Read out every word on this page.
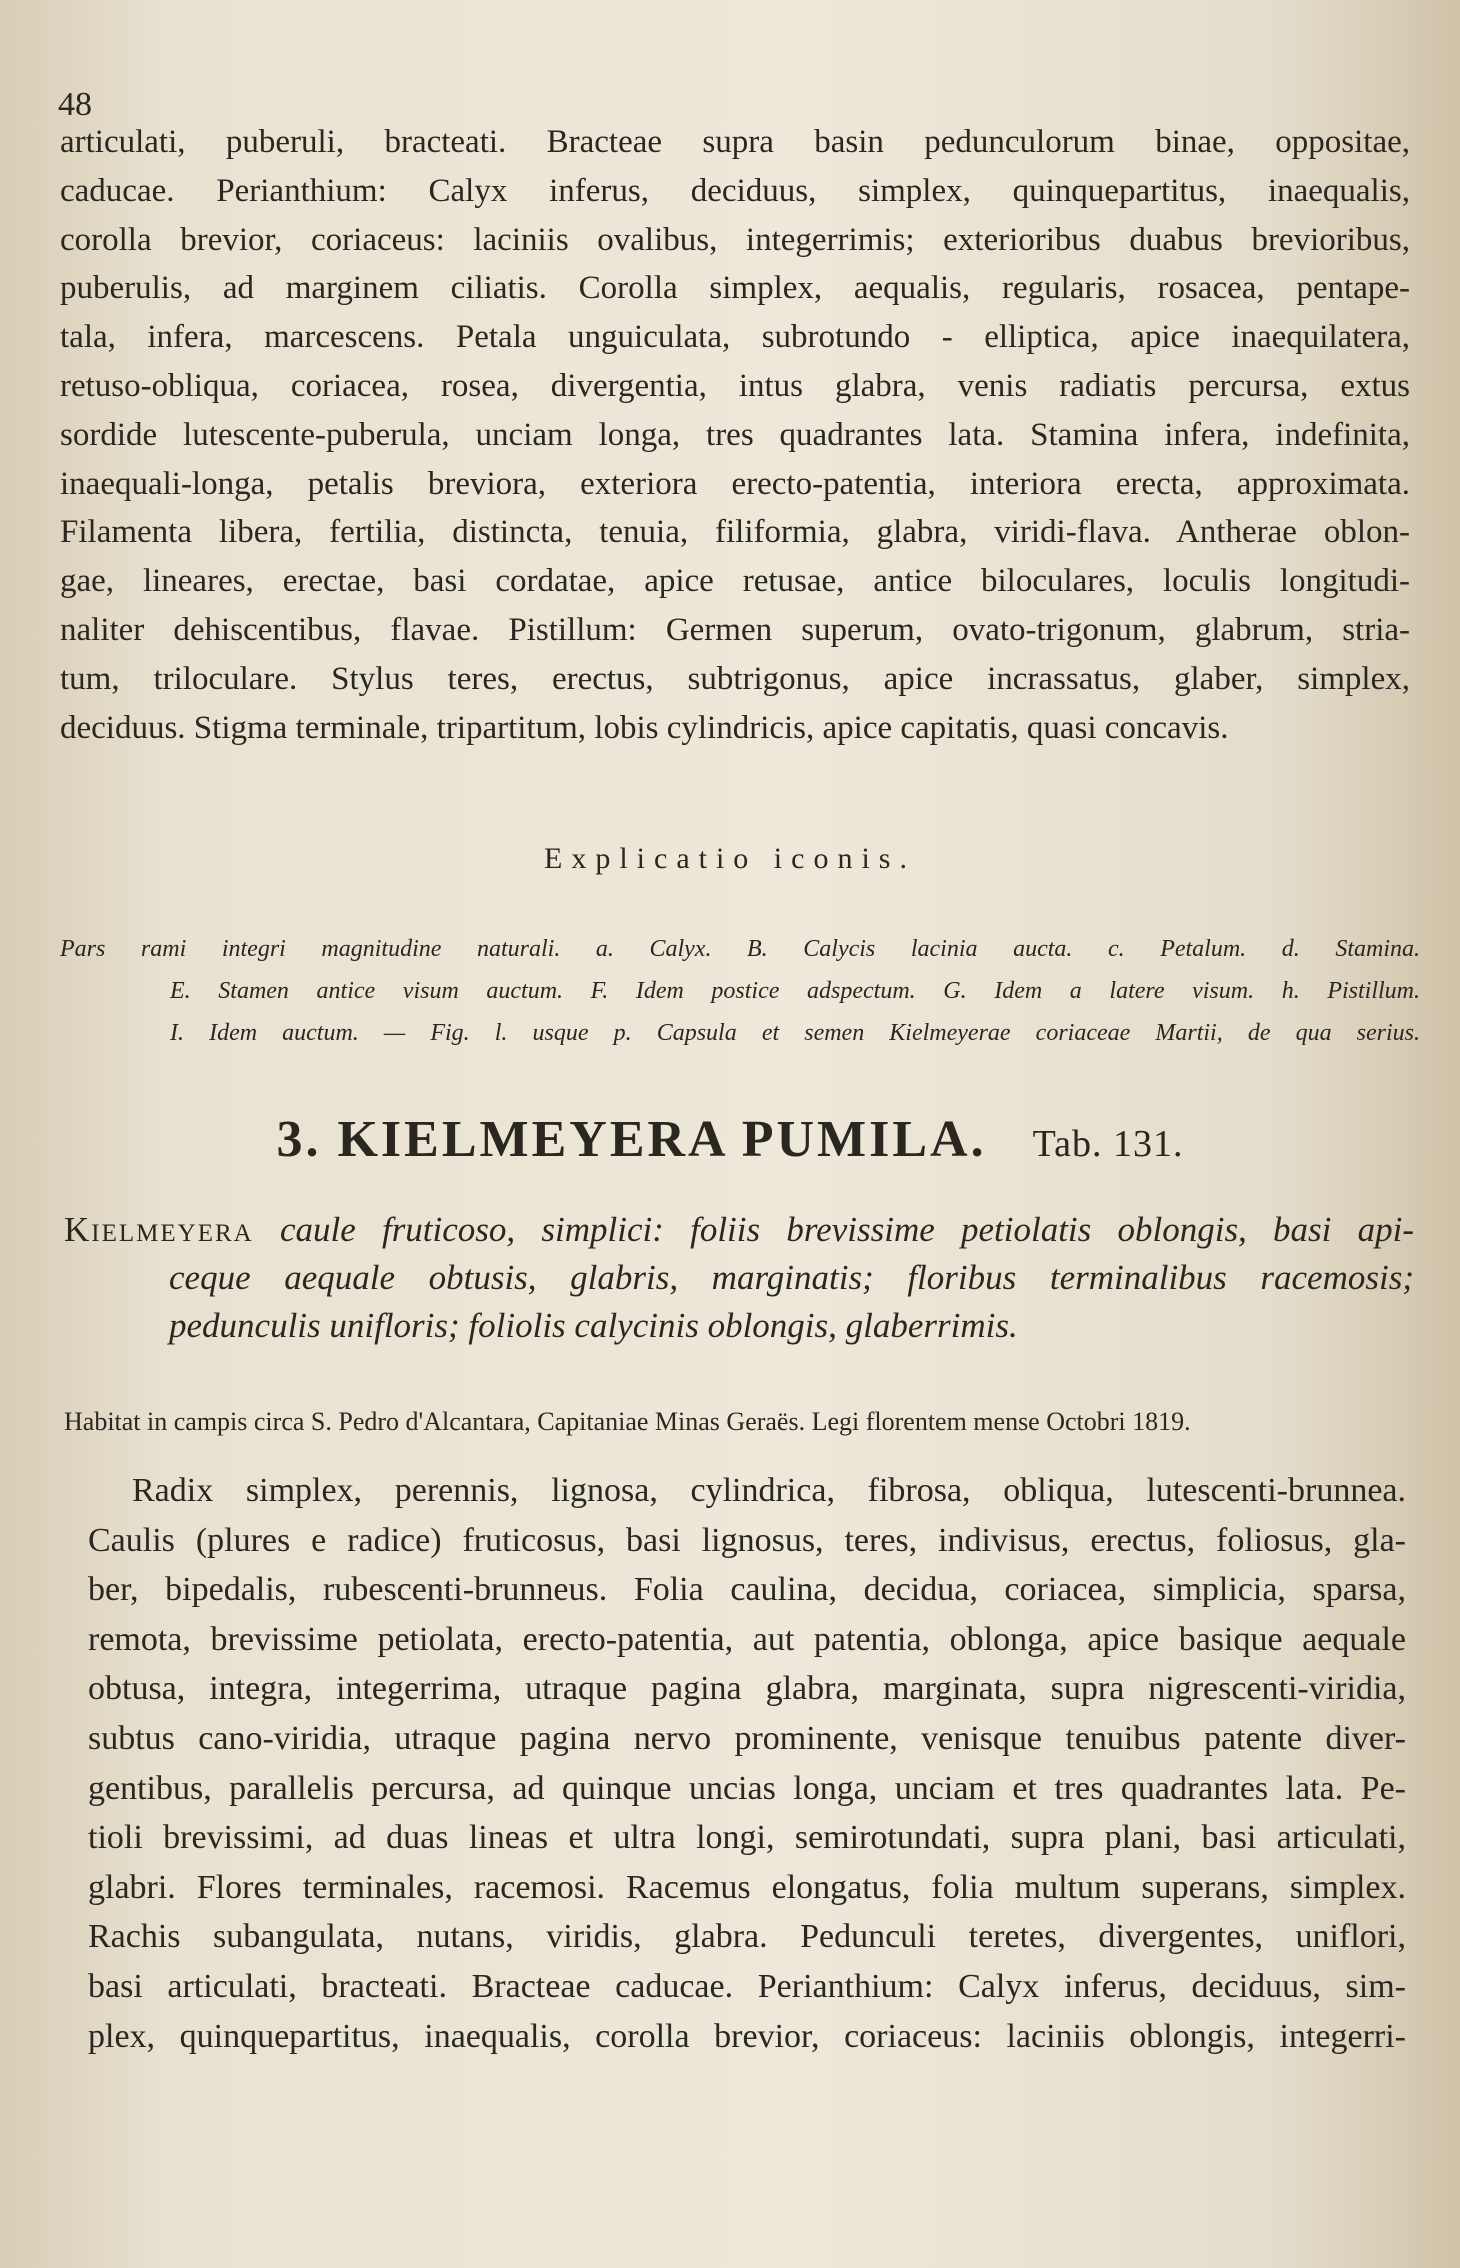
48
articulati, puberuli, bracteati. Bracteae supra basin pedunculorum binae, oppositae,
caducae. Perianthium: Calyx inferus, deciduus, simplex, quinquepartitus, inaequalis,
corolla brevior, coriaceus: laciniis ovalibus, integerrimis; exterioribus duabus brevioribus,
puberulis, ad marginem ciliatis. Corolla simplex, aequalis, regularis, rosacea, pentape-
tala, infera, marcescens. Petala unguiculata, subrotundo - elliptica, apice inaequilatera,
retuso-obliqua, coriacea, rosea, divergentia, intus glabra, venis radiatis percursa, extus
sordide lutescente-puberula, unciam longa, tres quadrantes lata. Stamina infera, indefinita,
inaequali-longa, petalis breviora, exteriora erecto-patentia, interiora erecta, approximata.
Filamenta libera, fertilia, distincta, tenuia, filiformia, glabra, viridi-flava. Antherae oblon-
gae, lineares, erectae, basi cordatae, apice retusae, antice biloculares, loculis longitudi-
naliter dehiscentibus, flavae. Pistillum: Germen superum, ovato-trigonum, glabrum, stria-
tum, triloculare. Stylus teres, erectus, subtrigonus, apice incrassatus, glaber, simplex,
deciduus. Stigma terminale, tripartitum, lobis cylindricis, apice capitatis, quasi concavis.
Explicatio iconis.
Pars rami integri magnitudine naturali. a. Calyx. B. Calycis lacinia aucta. c. Petalum. d. Stamina.
E. Stamen antice visum auctum. F. Idem postice adspectum. G. Idem a latere visum. h. Pistillum.
I. Idem auctum. — Fig. l. usque p. Capsula et semen Kielmeyerae coriaceae Martii, de qua serius.
3. KIELMEYERA PUMILA. Tab. 131.
Kielmeyera caule fruticoso, simplici: foliis brevissime petiolatis oblongis, basi api-
ceque aequale obtusis, glabris, marginatis; floribus terminalibus racemosis;
pedunculis unifloris; foliolis calycinis oblongis, glaberrimis.
Habitat in campis circa S. Pedro d'Alcantara, Capitaniae Minas Geraës. Legi florentem mense Octobri 1819.
Radix simplex, perennis, lignosa, cylindrica, fibrosa, obliqua, lutescenti-brunnea.
Caulis (plures e radice) fruticosus, basi lignosus, teres, indivisus, erectus, foliosus, gla-
ber, bipedalis, rubescenti-brunneus. Folia caulina, decidua, coriacea, simplicia, sparsa,
remota, brevissime petiolata, erecto-patentia, aut patentia, oblonga, apice basique aequale
obtusa, integra, integerrima, utraque pagina glabra, marginata, supra nigrescenti-viridia,
subtus cano-viridia, utraque pagina nervo prominente, venisque tenuibus patente diver-
gentibus, parallelis percursa, ad quinque uncias longa, unciam et tres quadrantes lata. Pe-
tioli brevissimi, ad duas lineas et ultra longi, semirotundati, supra plani, basi articulati,
glabri. Flores terminales, racemosi. Racemus elongatus, folia multum superans, simplex.
Rachis subangulata, nutans, viridis, glabra. Pedunculi teretes, divergentes, uniflori,
basi articulati, bracteati. Bracteae caducae. Perianthium: Calyx inferus, deciduus, sim-
plex, quinquepartitus, inaequalis, corolla brevior, coriaceus: laciniis oblongis, integerri-
